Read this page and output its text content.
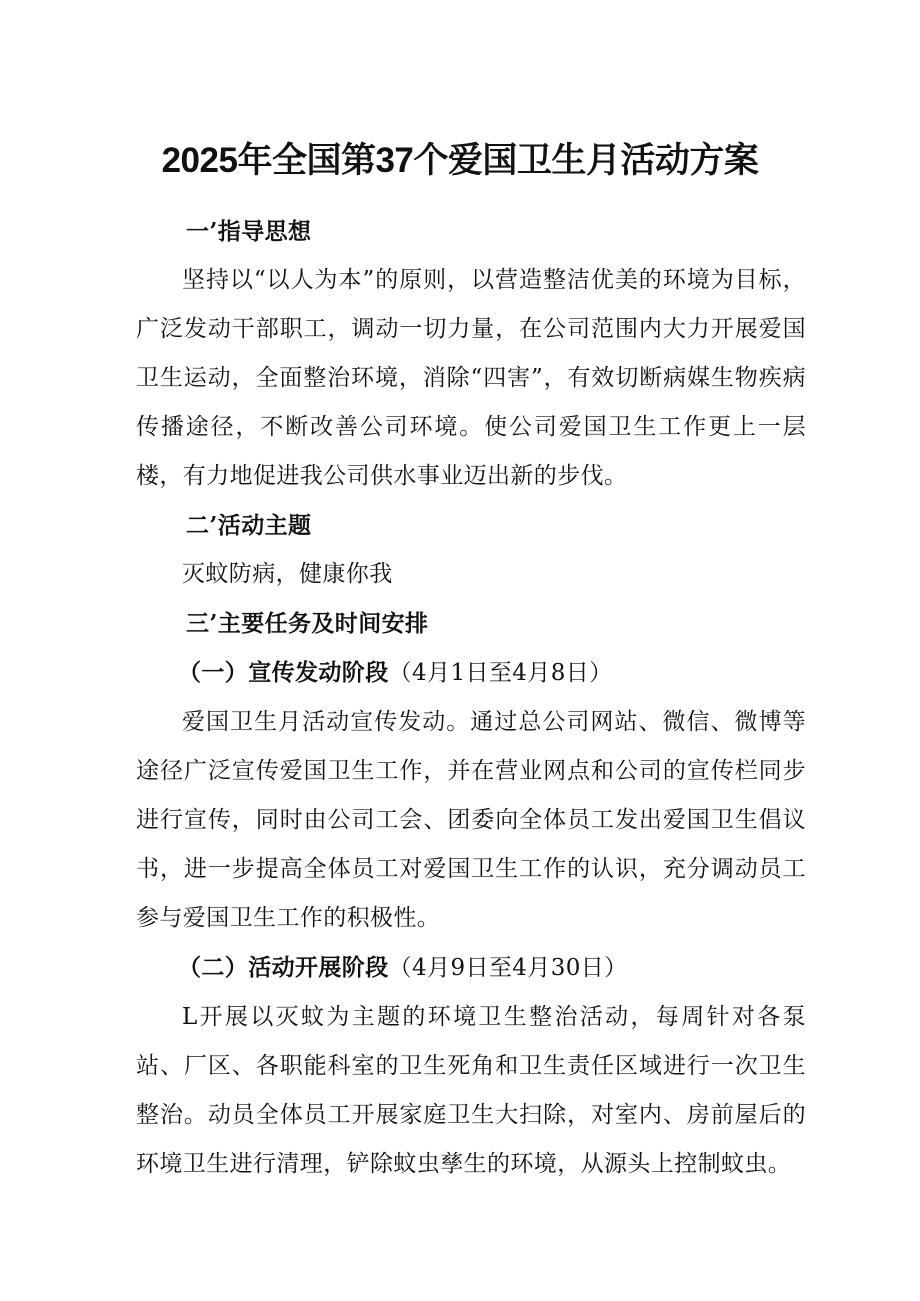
2025年全国第37个爱国卫生月活动方案
一’指导思想

坚持以“以人为本”的原则，以营造整洁优美的环境为目标，广泛发动干部职工，调动一切力量，在公司范围内大力开展爱国卫生运动，全面整治环境，消除“四害”，有效切断病媒生物疾病传播途径，不断改善公司环境。使公司爱国卫生工作更上一层楼，有力地促进我公司供水事业迈出新的步伐。

二’活动主题

灭蚊防病，健康你我

三’主要任务及时间安排
（一）宣传发动阶段（4月1日至4月8日）

爱国卫生月活动宣传发动。通过总公司网站、微信、微博等途径广泛宣传爱国卫生工作，并在营业网点和公司的宣传栏同步进行宣传，同时由公司工会、团委向全体员工发出爱国卫生倡议书，进一步提高全体员工对爱国卫生工作的认识，充分调动员工参与爱国卫生工作的积极性。

（二）活动开展阶段（4月9日至4月30日）

L开展以灭蚊为主题的环境卫生整治活动，每周针对各泵站、厂区、各职能科室的卫生死角和卫生责任区域进行一次卫生整治。动员全体员工开展家庭卫生大扫除，对室内、房前屋后的环境卫生进行清理，铲除蚊虫孳生的环境，从源头上控制蚊虫。
